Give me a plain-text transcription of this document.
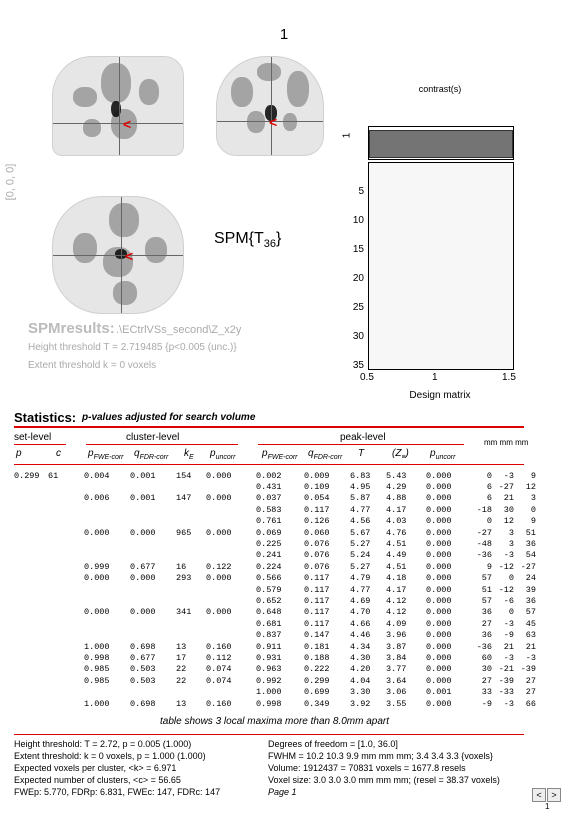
1
<	<
<
[0, 0, 0]
$SPM\{T_{36}\}$
contrast(s)
1
5
10
15
20
25
30
35
0.5	1	1.5
Design matrix
SPMresults: .\ECtrlVSs_second\Z_x2y
Height threshold T = 2.719485 {p<0.005 (unc.)}
Extent threshold k = 0 voxels
Statistics: p-values adjusted for search volume
set-level	cluster-level	peak-level	mm mm mm
p	c	$p_{FWE-corr}$ $q_{FDR-corr}$ $k_E$ $p_{uncorr}$	$p_{FWE-corr}$ $q_{FDR-corr}$ T	$(Z_\equiv)$ $p_{uncorr}$
0.299	61	0.004	0.001	154	0.000	0.002	0.009	6.83	5.43	0.000	0	-3	9
						0.431	0.109	4.95	4.29	0.000	6	-27	12
		0.006	0.001	147	0.000	0.037	0.054	5.87	4.88	0.000	6	21	3
						0.583	0.117	4.77	4.17	0.000	-18	30	0
						0.761	0.126	4.56	4.03	0.000	0	12	9
		0.000	0.000	965	0.000	0.069	0.060	5.67	4.76	0.000	-27	3	51
						0.225	0.076	5.27	4.51	0.000	-48	3	36
						0.241	0.076	5.24	4.49	0.000	-36	-3	54
		0.999	0.677	16	0.122	0.224	0.076	5.27	4.51	0.000	9	-12	-27
		0.000	0.000	293	0.000	0.566	0.117	4.79	4.18	0.000	57	0	24
						0.579	0.117	4.77	4.17	0.000	51	-12	39
						0.652	0.117	4.69	4.12	0.000	57	-6	36
		0.000	0.000	341	0.000	0.648	0.117	4.70	4.12	0.000	36	0	57
						0.681	0.117	4.66	4.09	0.000	27	-3	45
						0.837	0.147	4.46	3.96	0.000	36	-9	63
		1.000	0.698	13	0.160	0.911	0.181	4.34	3.87	0.000	-36	21	21
		0.998	0.677	17	0.112	0.931	0.188	4.30	3.84	0.000	60	-3	-3
		0.985	0.503	22	0.074	0.963	0.222	4.20	3.77	0.000	30	-21	-39
		0.985	0.503	22	0.074	0.992	0.299	4.04	3.64	0.000	27	-39	27
						1.000	0.699	3.30	3.06	0.001	33	-33	27
		1.000	0.698	13	0.160	0.998	0.349	3.92	3.55	0.000	-9	-3	66
table shows 3 local maxima more than 8.0mm apart
Height threshold: T = 2.72, p = 0.005 (1.000)
Extent threshold: k = 0 voxels, p = 1.000 (1.000)
Expected voxels per cluster, <k> = 6.971
Expected number of clusters, <c> = 56.65
FWEp: 5.770, FDRp: 6.831, FWEc: 147, FDRc: 147
Degrees of freedom = [1.0, 36.0]
FWHM = 10.2 10.3 9.9 mm mm mm; 3.4 3.4 3.3 {voxels}
Volume: 1912437 = 70831 voxels = 1677.8 resels
Voxel size: 3.0 3.0 3.0 mm mm mm; (resel = 38.37 voxels)
Page 1	<	>
1
